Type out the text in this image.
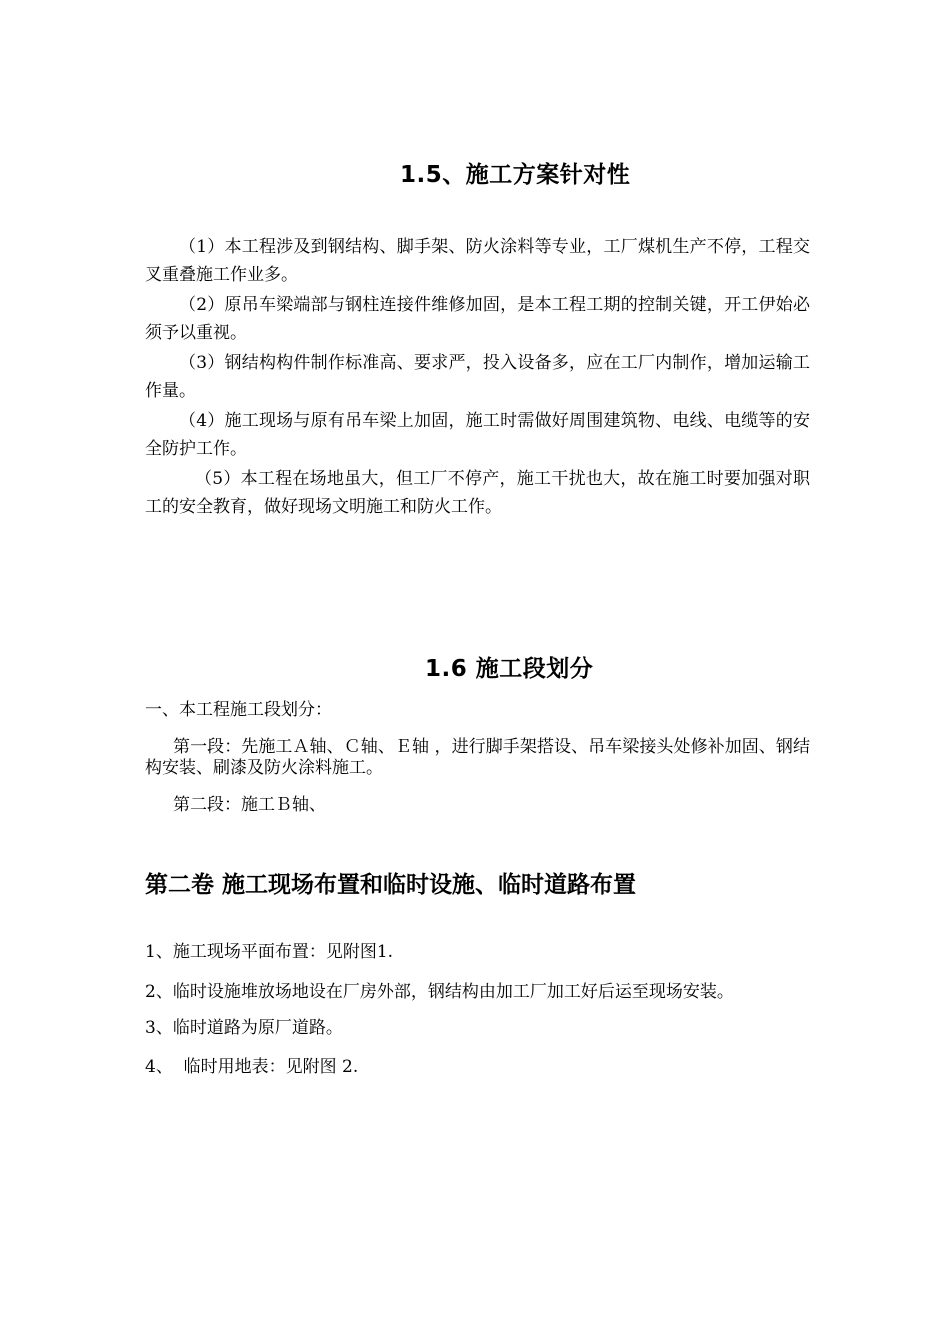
1.5、施工方案针对性
（1）本工程涉及到钢结构、脚手架、防火涂料等专业，工厂煤机生产不停，工程交叉重叠施工作业多。
（2）原吊车梁端部与钢柱连接件维修加固，是本工程工期的控制关键，开工伊始必须予以重视。
（3）钢结构构件制作标准高、要求严，投入设备多，应在工厂内制作，增加运输工作量。
（4）施工现场与原有吊车梁上加固，施工时需做好周围建筑物、电线、电缆等的安全防护工作。
（5）本工程在场地虽大，但工厂不停产，施工干扰也大，故在施工时要加强对职工的安全教育，做好现场文明施工和防火工作。
1.6 施工段划分
一、本工程施工段划分：
第一段：先施工Ａ轴、Ｃ轴、Ｅ轴 ，进行脚手架搭设、吊车梁接头处修补加固、钢结构安装、刷漆及防火涂料施工。
第二段：施工Ｂ轴、
第二卷 施工现场布置和临时设施、临时道路布置
1、施工现场平面布置：见附图1.
2、临时设施堆放场地设在厂房外部，钢结构由加工厂加工好后运至现场安装。
3、临时道路为原厂道路。
4、  临时用地表：见附图 2.
